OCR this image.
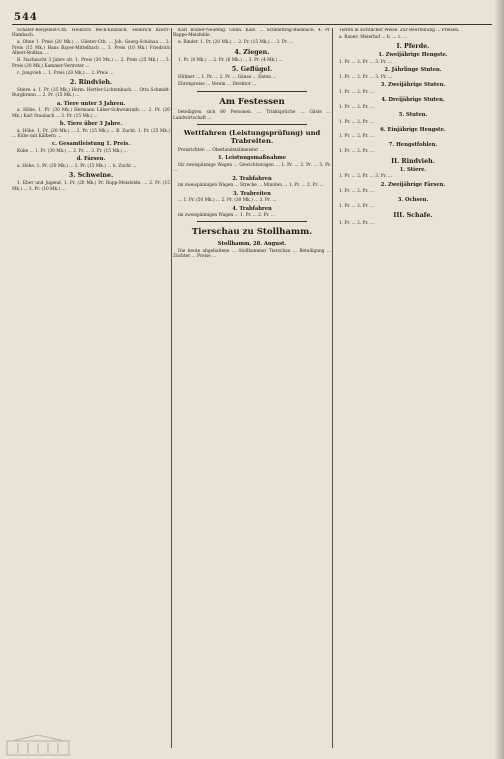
544

Schäfer-Bergebiet-Cth. Heinrich Beck-Kinzlach. Heinrich Knorr-Hambach.

a. Ohne 1. Preis (20 Mk.) ... Günter-Cth. ... Joh. Georg-Schönau ... 2. Preis (15 Mk.) Hans Bayer-Mittelbach ... 3. Preis (10 Mk.) Friedrich Albert-Roßlau. ...

B. Nachzucht 3 Jahre alt. 1. Preis (30 Mk.) ... 2. Preis (25 Mk.) ... 3. Preis (20 Mk.) Kammer-Vertreter ...

c. Jungvieh ... 1. Preis (20 Mk.) ... 2. Preis ...

2. Rindvieh.

Stiere. a. 1. Pr. (25 Mk.) Herm. Hertler-Lichtenbach. ... Otto Schmidt-Burgbrunn ... 2. Pr. (15 Mk.) ...

a. Tiere unter 3 Jahren.

a. Höhe. 1. Pr. (30 Mk.) Hermann Lüber-Schweinrath. ... 2. Pr. (20 Mk.) Karl Staubach ... 3. Pr. (15 Mk.) ...

b. Tiere über 3 Jahre.

a. Höhe. 1. Pr. (20 Mk.) ... 2. Pr. (15 Mk.) ... B. Zucht. 1. Pr. (25 Mk.) ... Kühe mit Kälbern ...

c. Gesamtleistung 1. Preis.

Kühe ... 1. Pr. (30 Mk.) ... 2. Pr. ... 3. Pr. (15 Mk.) ...

d. Färsen.

a. Höhe. 1. Pr. (20 Mk.) ... 2. Pr. (15 Mk.) ... b. Zucht ...

3. Schweine.

1. Eber und Jugend. 1. Pr. (20 Mk.) Pr. Rupp-Meisfelde. ... 2. Pr. (15 Mk.) ... 3. Pr. (10 Mk.) ...

Karl Bolber-Neufeng. Gunn. Kast. ... Schmetting-Bienbach. 4. Pr. Bappe-Meisfelde.

e. Rinder. 1. Pr. (20 Mk.) ... 2. Pr. (15 Mk.) ... 3. Pr. ...

4. Ziegen.

1. Pr. (8 Mk.) ... 2. Pr. (6 Mk.) ... 3. Pr. (4 Mk.) ...

5. Geflügel.

Hühner ... 1. Pr. ... 2. Pr. ... Gänse ... Enten ...

Ehrenpreise ... Verein ... Direktor ...

Am Festessen

beteiligten sich 60 Personen. ... Trinksprüche ... Gäste ... Landwirtschaft ...

Wettfahren (Leistungsprüfung) und Trabreiten.

Preisrichter: ... Oberlandstallmeister ...

1. Leistungsmaßnahme

für zweispännige Wagen ... Gewichtswagen ... 1. Pr. ... 2. Pr. ... 3. Pr. ...

2. Trabfahren

im zweispännigen Wagen ... Strecke ... Minuten ... 1. Pr. ... 2. Pr. ...

3. Trabreiten

... 1. Pr. (50 Mk.) ... 2. Pr. (30 Mk.) ... 3. Pr. ...

4. Trabfahren

im zweispännigen Wagen ... 1. Pr. ... 2. Pr. ...

Tierschau zu Stollhamm.
Stollhamm, 28. August.

Die heute abgehaltene ... Stollhammer Tierschau ... Beteiligung ... Züchter ... Preise ...

Tieren in sichtlicher Weise. Zur Beurteilung ... Preisen.

a. Bauer: Meierhof ... b. ... c. ...

I. Pferde.
1. Zweijährige Hengste.

1. Pr. ... 2. Pr. ... 3. Pr. ...

2. Jährlinge Stuten.

1. Pr. ... 2. Pr. ... 3. Pr. ...

3. Zweijährige Stuten.

1. Pr. ... 2. Pr. ...

4. Dreijährige Stuten.

1. Pr. ... 2. Pr. ...

5. Stuten.

1. Pr. ... 2. Pr. ...

6. Einjährige Hengste.

1. Pr. ... 2. Pr. ...

7. Hengstfohlen.

1. Pr. ... 2. Pr. ...

II. Rindvieh.
1. Stiere.

1. Pr. ... 2. Pr. ... 3. Pr. ...

2. Zweijährige Färsen.

1. Pr. ... 2. Pr. ...

3. Ochsen.

1. Pr. ... 2. Pr. ...

III. Schafe.

1. Pr. ... 2. Pr. ...
